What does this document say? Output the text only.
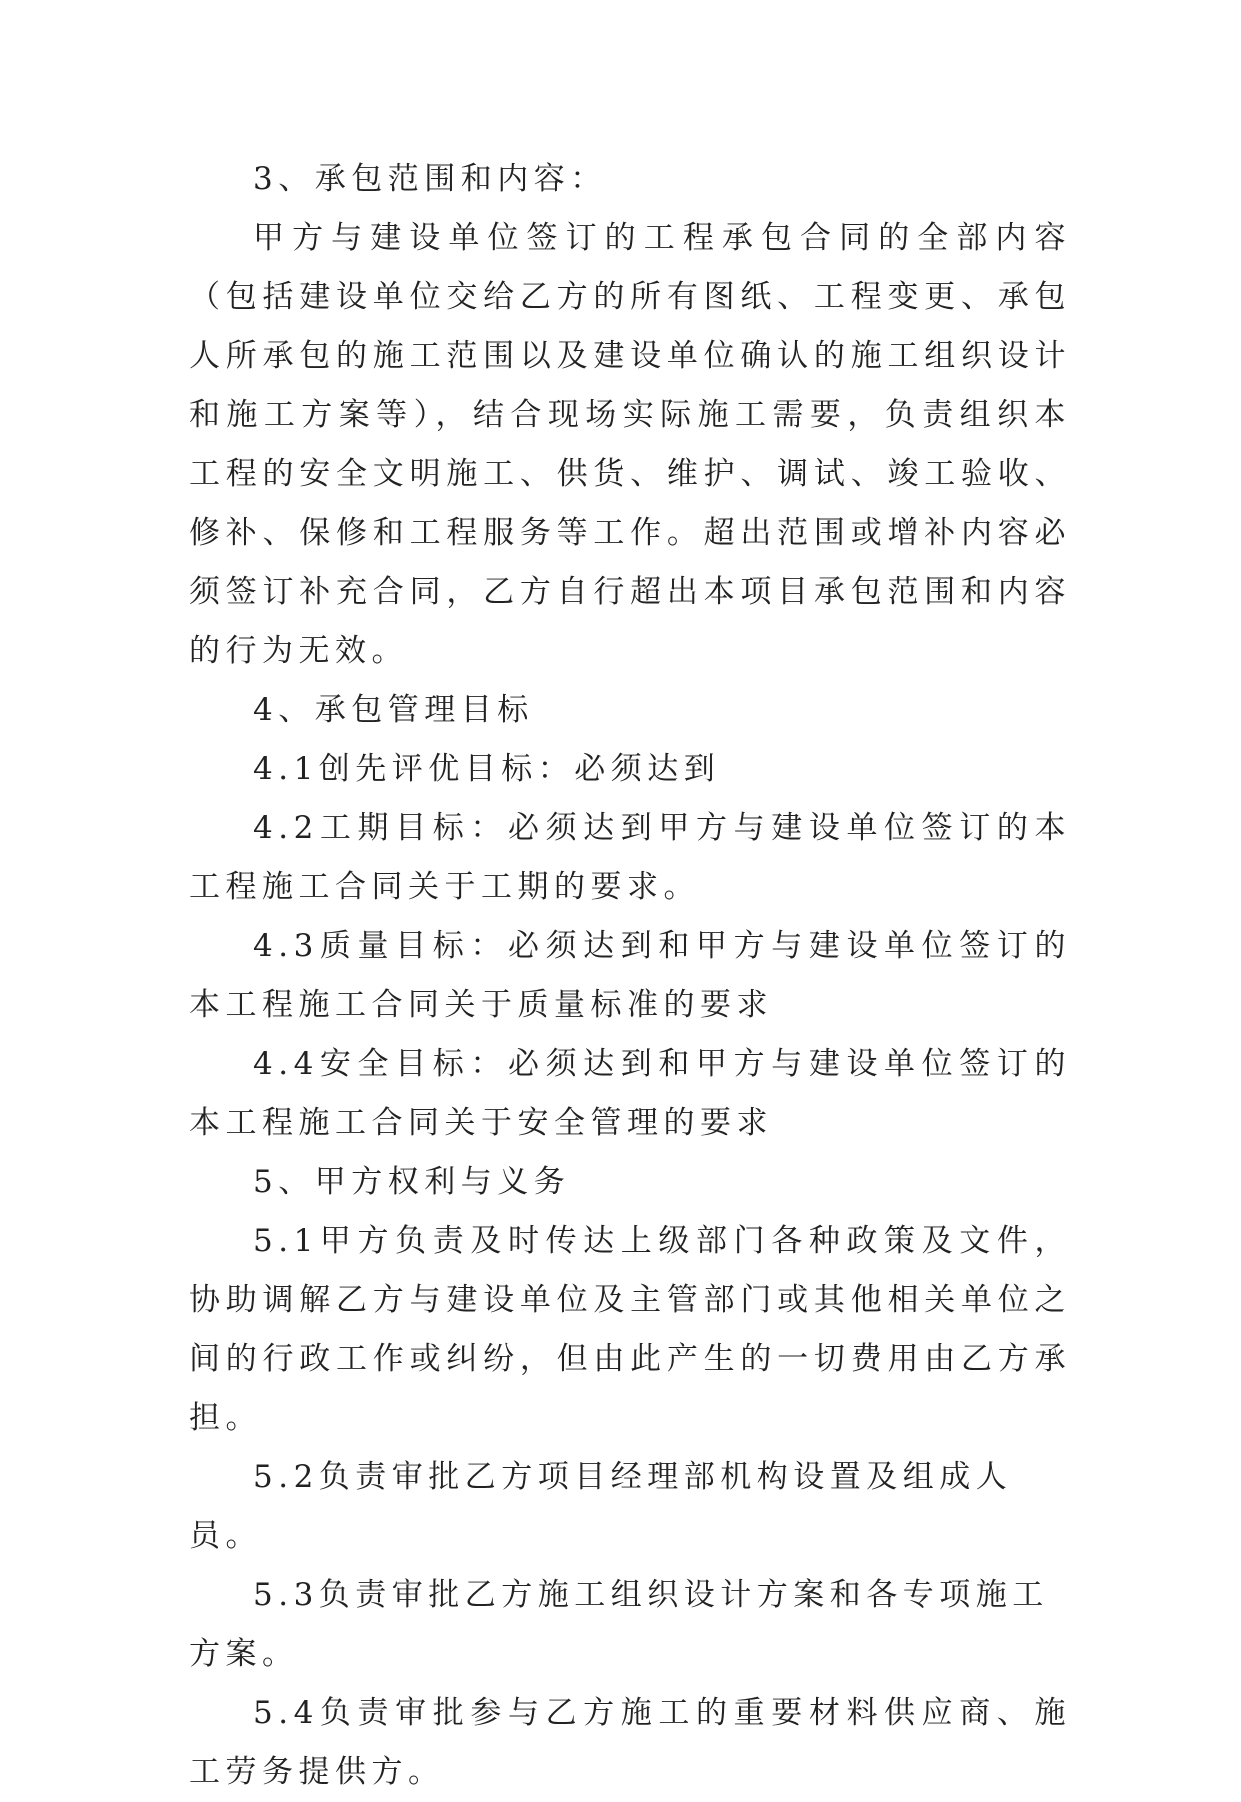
3、承包范围和内容：

甲方与建设单位签订的工程承包合同的全部内容（包括建设单位交给乙方的所有图纸、工程变更、承包人所承包的施工范围以及建设单位确认的施工组织设计和施工方案等），结合现场实际施工需要，负责组织本工程的安全文明施工、供货、维护、调试、竣工验收、修补、保修和工程服务等工作。超出范围或增补内容必须签订补充合同，乙方自行超出本项目承包范围和内容的行为无效。

4、承包管理目标

4.1创先评优目标：必须达到

4.2工期目标：必须达到甲方与建设单位签订的本工程施工合同关于工期的要求。

4.3质量目标：必须达到和甲方与建设单位签订的本工程施工合同关于质量标准的要求

4.4安全目标：必须达到和甲方与建设单位签订的本工程施工合同关于安全管理的要求

5、甲方权利与义务

5.1甲方负责及时传达上级部门各种政策及文件，协助调解乙方与建设单位及主管部门或其他相关单位之间的行政工作或纠纷，但由此产生的一切费用由乙方承担。

5.2负责审批乙方项目经理部机构设置及组成人员。

5.3负责审批乙方施工组织设计方案和各专项施工方案。

5.4负责审批参与乙方施工的重要材料供应商、施工劳务提供方。
